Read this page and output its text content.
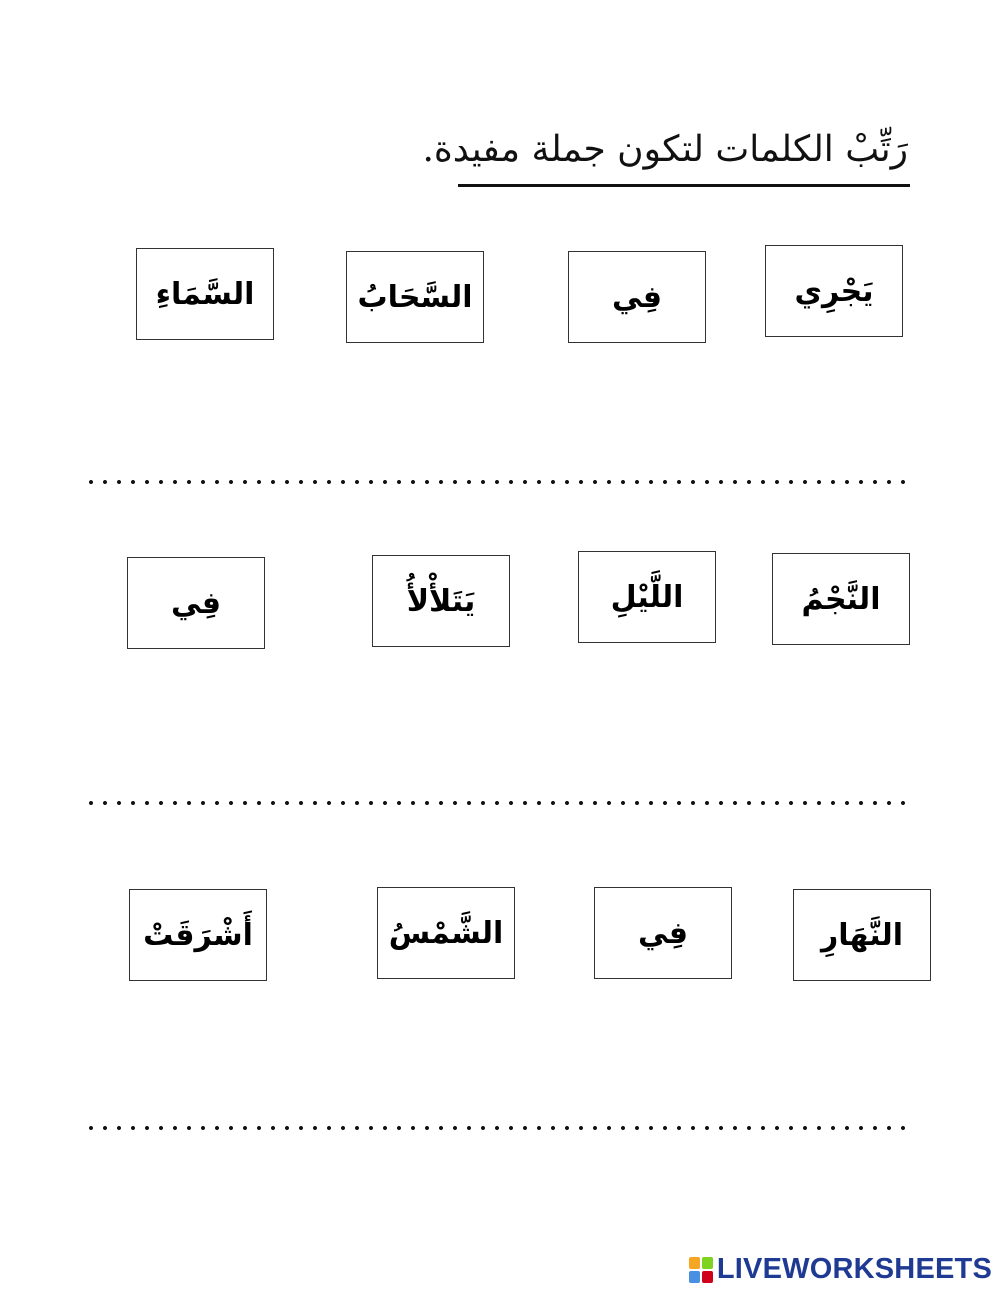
رَتِّبْ الكلمات لتكون جملة مفيدة.
يَجْرِي
فِي
السَّحَابُ
السَّمَاءِ
النَّجْمُ
اللَّيْلِ
يَتَلأْلأُ
فِي
النَّهَارِ
فِي
الشَّمْسُ
أَشْرَقَتْ
LIVEWORKSHEETS
